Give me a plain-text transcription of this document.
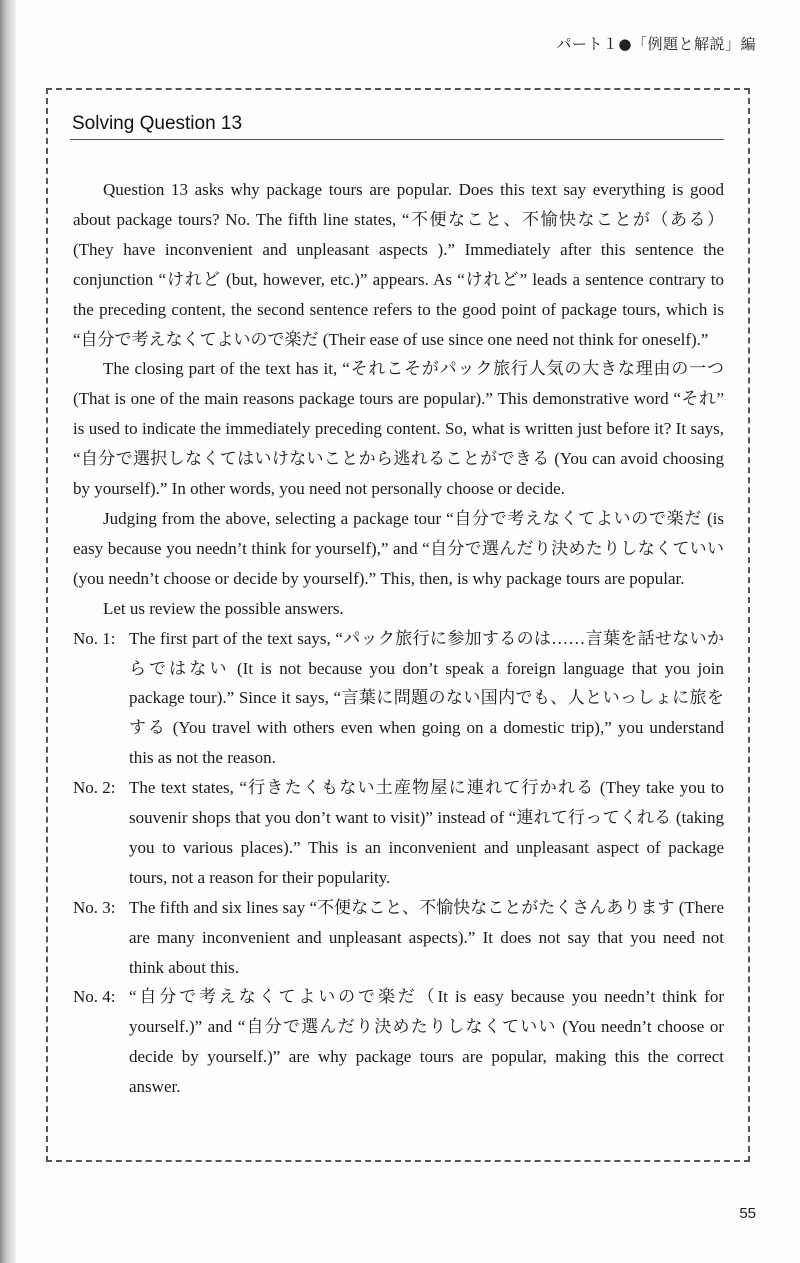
パート１●「例題と解説」編
Solving Question 13

Question 13 asks why package tours are popular. Does this text say everything is good about package tours? No. The fifth line states, “不便なこと、不愉快なことが（ある）(They have inconvenient and unpleasant aspects ).” Immediately after this sentence the conjunction “けれど (but, however, etc.)” appears. As “けれど” leads a sentence contrary to the preceding content, the second sentence refers to the good point of package tours, which is “自分で考えなくてよいので楽だ (Their ease of use since one need not think for oneself).”

The closing part of the text has it, “それこそがパック旅行人気の大きな理由の一つ (That is one of the main reasons package tours are popular).” This demonstrative word “それ” is used to indicate the immediately preceding content. So, what is written just before it? It says, “自分で選択しなくてはいけないことから逃れることができる (You can avoid choosing by yourself).” In other words, you need not personally choose or decide.

Judging from the above, selecting a package tour “自分で考えなくてよいので楽だ (is easy because you needn’t think for yourself),” and “自分で選んだり決めたりしなくていい (you needn’t choose or decide by yourself).” This, then, is why package tours are popular.

Let us review the possible answers.

No. 1: The first part of the text says, “パック旅行に参加するのは……言葉を話せないからではない (It is not because you don’t speak a foreign language that you join package tour).” Since it says, “言葉に問題のない国内でも、人といっしょに旅をする (You travel with others even when going on a domestic trip),” you understand this as not the reason.
No. 2: The text states, “行きたくもない土産物屋に連れて行かれる (They take you to souvenir shops that you don’t want to visit)” instead of “連れて行ってくれる (taking you to various places).” This is an inconvenient and unpleasant aspect of package tours, not a reason for their popularity.
No. 3: The fifth and six lines say “不便なこと、不愉快なことがたくさんあります (There are many inconvenient and unpleasant aspects).” It does not say that you need not think about this.
No. 4: “自分で考えなくてよいので楽だ（It is easy because you needn’t think for yourself.)” and “自分で選んだり決めたりしなくていい (You needn’t choose or decide by yourself.)” are why package tours are popular, making this the correct answer.
55
